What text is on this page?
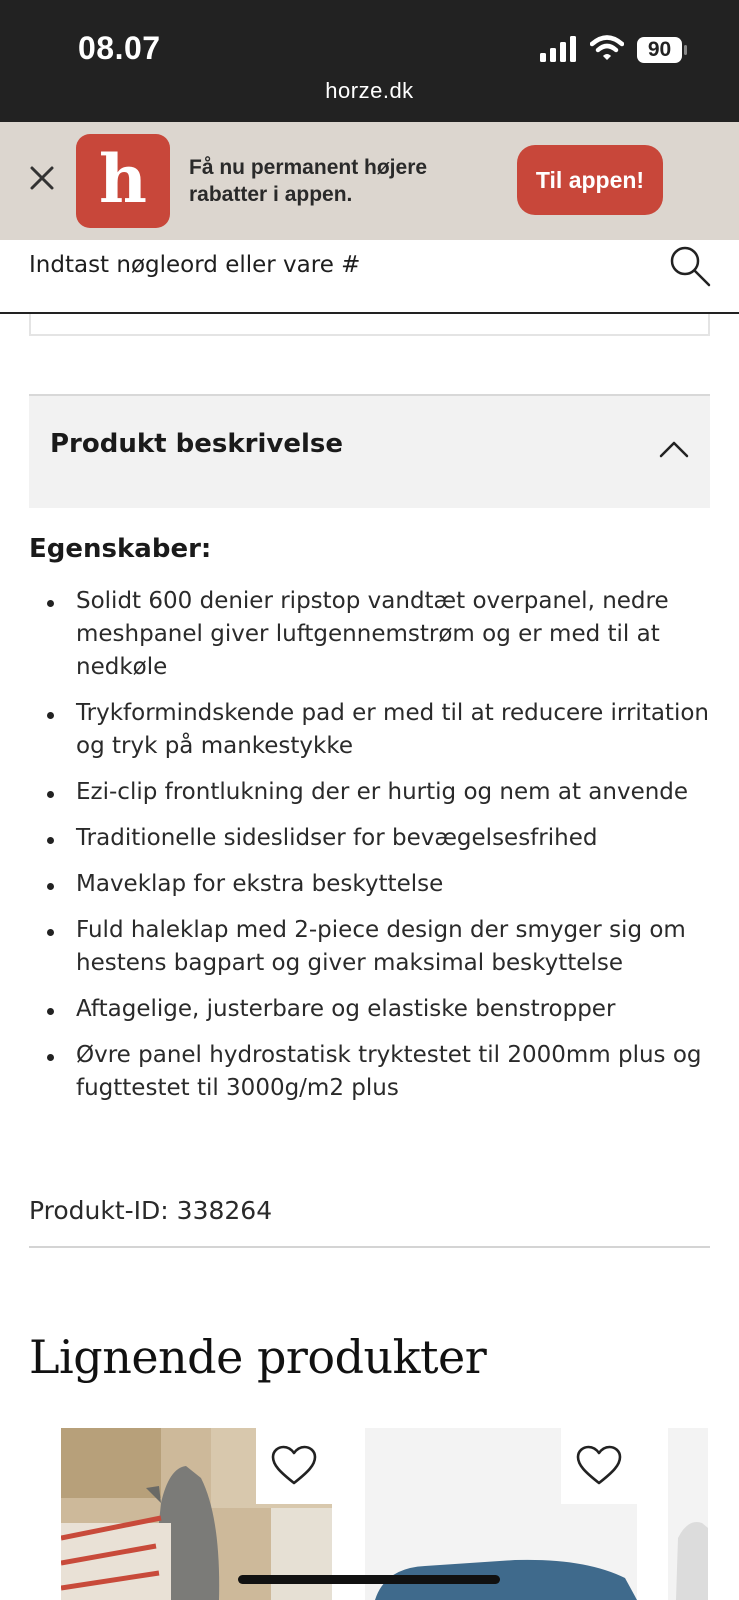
08.07	90
horze.dk
h	Få nu permanent højere rabatter i appen.
Til appen!
Indtast nøgleord eller vare #
Produkt beskrivelse
Egenskaber:
Solidt 600 denier ripstop vandtæt overpanel, nedre meshpanel giver luftgennemstrøm og er med til at nedkøle
Trykformindskende pad er med til at reducere irritation og tryk på mankestykke
Ezi-clip frontlukning der er hurtig og nem at anvende
Traditionelle sideslidser for bevægelsesfrihed
Maveklap for ekstra beskyttelse
Fuld haleklap med 2-piece design der smyger sig om hestens bagpart og giver maksimal beskyttelse
Aftagelige, justerbare og elastiske benstropper
Øvre panel hydrostatisk tryktestet til 2000mm plus og fugttestet til 3000g/m2 plus
Produkt-ID: 338264
Lignende produkter
